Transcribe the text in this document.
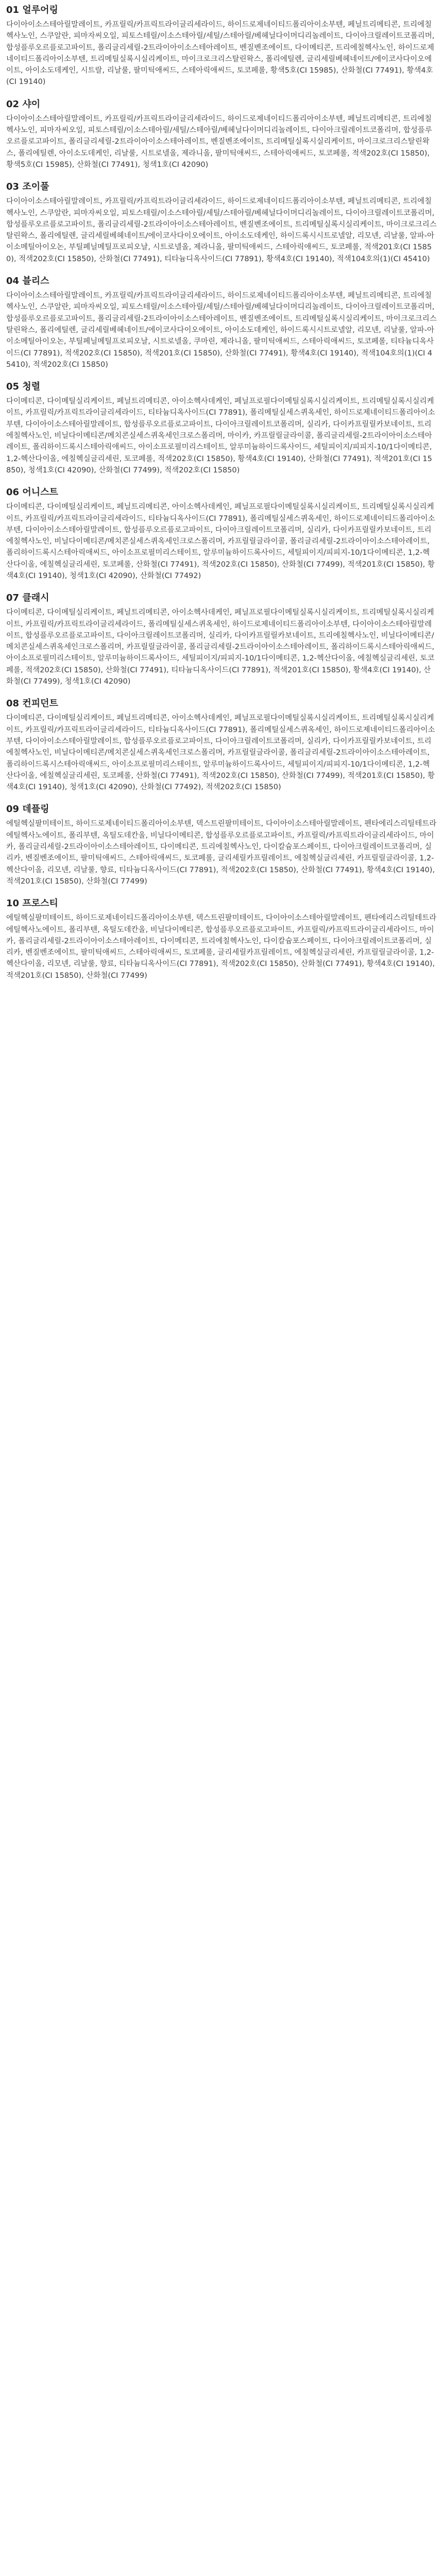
01 얼루어링

다이아이소스테아릴말레이트, 카프릴릭/카프릭트라이글리세라이드, 하이드로제네이티드폴리아이소부텐, 페닐트리메티콘, 트리에칠헥사노인, 스쿠알란, 피마자씨오일, 피토스테릴/이소스테아릴/세틸/스테아릴/베헤닐다이머디리놀레이트, 다이아크릴레이트코폴리머, 합성플루오르플로고파이트, 폴리글리세릴-2트라이아이소스테아레이트, 벤질벤조에이트, 다이메티콘, 트리에칠헥사노인, 하이드로제네이티드폴리아이소부텐, 트리메틸실록시실리케이트, 마이크로크리스탈린왁스, 폴리에틸렌, 글리세릴베헤네이트/에이코사다이오에이트, 아이소도데케인, 시트랄, 리날룰, 팔미틱애씨드, 스테아릭애씨드, 토코페롤, 황색5호(CI 15985), 산화철(CI 77491), 황색4호(CI 19140)

02 샤이

다이아이소스테아릴말레이트, 카프릴릭/카프릭트라이글리세라이드, 하이드로제네이티드폴리아이소부텐, 페닐트리메티콘, 트리에칠헥사노인, 피마자씨오일, 피토스테릴/이소스테아릴/세틸/스테아릴/베헤닐다이머디리놀레이트, 다이아크릴레이트코폴리머, 합성플루오르플로고파이트, 폴리글리세릴-2트라이아이소스테아레이트, 벤질벤조에이트, 트리메틸실록시실리케이트, 마이크로크리스탈린왁스, 폴리에틸렌, 아이소도데케인, 리날룰, 시트로넬올, 제라니올, 팔미틱애씨드, 스테아릭애씨드, 토코페롤, 적색202호(CI 15850), 황색5호(CI 15985), 산화철(CI 77491), 청색1호(CI 42090)

03 조이풀

다이아이소스테아릴말레이트, 카프릴릭/카프릭트라이글리세라이드, 하이드로제네이티드폴리아이소부텐, 페닐트리메티콘, 트리에칠헥사노인, 스쿠알란, 피마자씨오일, 피토스테릴/이소스테아릴/세틸/스테아릴/베헤닐다이머디리놀레이트, 다이아크릴레이트코폴리머, 합성플루오르플로고파이트, 폴리글리세릴-2트라이아이소스테아레이트, 벤질벤조에이트, 트리메틸실록시실리케이트, 마이크로크리스탈린왁스, 폴리에틸렌, 글리세릴베헤네이트/에이코사다이오에이트, 아이소도데케인, 하이드록시시트로넬알, 리모넨, 리날룰, 알파-아이소메틸아이오논, 부틸페닐메틸프로피오날, 시트로넬올, 제라니올, 팔미틱애씨드, 스테아릭애씨드, 토코페롤, 적색201호(CI 15850), 적색202호(CI 15850), 산화철(CI 77491), 티타늄디옥사이드(CI 77891), 황색4호(CI 19140), 적색104호의(1)(CI 45410)

04 블리스

다이아이소스테아릴말레이트, 카프릴릭/카프릭트라이글리세라이드, 하이드로제네이티드폴리아이소부텐, 페닐트리메티콘, 트리에칠헥사노인, 스쿠알란, 피마자씨오일, 피토스테릴/이소스테아릴/세틸/스테아릴/베헤닐다이머디리놀레이트, 다이아크릴레이트코폴리머, 합성플루오르플로고파이트, 폴리글리세릴-2트라이아이소스테아레이트, 벤질벤조에이트, 트리메틸실록시실리케이트, 마이크로크리스탈린왁스, 폴리에틸렌, 글리세릴베헤네이트/에이코사다이오에이트, 아이소도데케인, 하이드록시시트로넬알, 리모넨, 리날룰, 알파-아이소메틸아이오논, 부틸페닐메틸프로피오날, 시트로넬올, 쿠마린, 제라니올, 팔미틱애씨드, 스테아릭애씨드, 토코페롤, 티타늄디옥사이드(CI 77891), 적색202호(CI 15850), 적색201호(CI 15850), 산화철(CI 77491), 황색4호(CI 19140), 적색104호의(1)(CI 45410), 적색202호(CI 15850)

05 청렬

다이메티콘, 다이메틸실리케이트, 페닐트리메티콘, 아이소헥사데케인, 페닐프로필다이메틸실록시실리케이트, 트리메틸실록시실리케이트, 카프릴릭/카프릭트라이글리세라이드, 티타늄디옥사이드(CI 77891), 폴리메틸실세스퀴옥세인, 하이드로제네이티드폴리아이소부텐, 다이아이소스테아릴말레이트, 합성플루오르플로고파이트, 다이아크릴레이트코폴리머, 실리카, 다이카프릴릴카보네이트, 트리에칠헥사노인, 비닐다이메티콘/메치콘실세스퀴옥세인크로스폴리머, 마이카, 카프릴릴글라이콜, 폴리글리세릴-2트라이아이소스테아레이트, 폴리하이드록시스테아릭애씨드, 아이소프로필미리스테이트, 알루미늄하이드록사이드, 세틸피이지/피피지-10/1다이메티콘, 1,2-헥산다이올, 에칠헥실글리세린, 토코페롤, 적색202호(CI 15850), 황색4호(CI 19140), 산화철(CI 77491), 적색201호(CI 15850), 청색1호(CI 42090), 산화철(CI 77499), 적색202호(CI 15850)

06 어니스트

다이메티콘, 다이메틸실리케이트, 페닐트리메티콘, 아이소헥사데케인, 페닐프로필다이메틸실록시실리케이트, 트리메틸실록시실리케이트, 카프릴릭/카프릭트라이글리세라이드, 티타늄디옥사이드(CI 77891), 폴리메틸실세스퀴옥세인, 하이드로제네이티드폴리아이소부텐, 다이아이소스테아릴말레이트, 합성플루오르플로고파이트, 다이아크릴레이트코폴리머, 실리카, 다이카프릴릴카보네이트, 트리에칠헥사노인, 비닐다이메티콘/메치콘실세스퀴옥세인크로스폴리머, 카프릴릴글라이콜, 폴리글리세릴-2트라이아이소스테아레이트, 폴리하이드록시스테아릭애씨드, 아이소프로필미리스테이트, 알루미늄하이드록사이드, 세틸피이지/피피지-10/1다이메티콘, 1,2-헥산다이올, 에칠헥실글리세린, 토코페롤, 산화철(CI 77491), 적색202호(CI 15850), 산화철(CI 77499), 적색201호(CI 15850), 황색4호(CI 19140), 청색1호(CI 42090), 산화철(CI 77492)

07 클래시

다이메티콘, 다이메틸실리케이트, 페닐트리메티콘, 아이소헥사데케인, 페닐프로필다이메틸실록시실리케이트, 트리메틸실록시실리케이트, 카프릴릭/카프릭트라이글리세라이드, 폴리메틸실세스퀴옥세인, 하이드로제네이티드폴리아이소부텐, 다이아이소스테아릴말레이트, 합성플루오르플로고파이트, 다이아크릴레이트코폴리머, 실리카, 다이카프릴릴카보네이트, 트리에칠헥사노인, 비닐다이메티콘/메치콘실세스퀴옥세인크로스폴리머, 카프릴릴글라이콜, 폴리글리세릴-2트라이아이소스테아레이트, 폴리하이드록시스테아릭애씨드, 아이소프로필미리스테이트, 알루미늄하이드록사이드, 세틸피이지/피피지-10/1다이메티콘, 1,2-헥산다이올, 에칠헥실글리세린, 토코페롤, 적색202호(CI 15850), 산화철(CI 77491), 티타늄디옥사이드(CI 77891), 적색201호(CI 15850), 황색4호(CI 19140), 산화철(CI 77499), 청색1호(CI 42090)

08 컨피던트

다이메티콘, 다이메틸실리케이트, 페닐트리메티콘, 아이소헥사데케인, 페닐프로필다이메틸실록시실리케이트, 트리메틸실록시실리케이트, 카프릴릭/카프릭트라이글리세라이드, 티타늄디옥사이드(CI 77891), 폴리메틸실세스퀴옥세인, 하이드로제네이티드폴리아이소부텐, 다이아이소스테아릴말레이트, 합성플루오르플로고파이트, 다이아크릴레이트코폴리머, 실리카, 다이카프릴릴카보네이트, 트리에칠헥사노인, 비닐다이메티콘/메치콘실세스퀴옥세인크로스폴리머, 카프릴릴글라이콜, 폴리글리세릴-2트라이아이소스테아레이트, 폴리하이드록시스테아릭애씨드, 아이소프로필미리스테이트, 알루미늄하이드록사이드, 세틸피이지/피피지-10/1다이메티콘, 1,2-헥산다이올, 에칠헥실글리세린, 토코페롤, 산화철(CI 77491), 적색202호(CI 15850), 산화철(CI 77499), 적색201호(CI 15850), 황색4호(CI 19140), 청색1호(CI 42090), 산화철(CI 77492), 적색202호(CI 15850)

09 데플링

에틸헥실팔미테이트, 하이드로제네이티드폴리아이소부텐, 덱스트린팔미테이트, 다이아이소스테아릴말레이트, 펜타에리스리틸테트라에틸헥사노에이트, 폴리부텐, 옥틸도데칸올, 비닐다이메티콘, 합성플루오르플로고파이트, 카프릴릭/카프릭트라이글리세라이드, 마이카, 폴리글리세릴-2트라이아이소스테아레이트, 다이메티콘, 트리에칠헥사노인, 다이칼슘포스페이트, 다이아크릴레이트코폴리머, 실리카, 벤질벤조에이트, 팔미틱애씨드, 스테아릭애씨드, 토코페롤, 글리세릴카프릴레이트, 에칠헥실글리세린, 카프릴릴글라이콜, 1,2-헥산다이올, 리모넨, 리날룰, 향료, 티타늄디옥사이드(CI 77891), 적색202호(CI 15850), 산화철(CI 77491), 황색4호(CI 19140), 적색201호(CI 15850), 산화철(CI 77499)

10 프로스티

에틸헥실팔미테이트, 하이드로제네이티드폴리아이소부텐, 덱스트린팔미테이트, 다이아이소스테아릴말레이트, 펜타에리스리틸테트라에틸헥사노에이트, 폴리부텐, 옥틸도데칸올, 비닐다이메티콘, 합성플루오르플로고파이트, 카프릴릭/카프릭트라이글리세라이드, 마이카, 폴리글리세릴-2트라이아이소스테아레이트, 다이메티콘, 트리에칠헥사노인, 다이칼슘포스페이트, 다이아크릴레이트코폴리머, 실리카, 벤질벤조에이트, 팔미틱애씨드, 스테아릭애씨드, 토코페롤, 글리세릴카프릴레이트, 에칠헥실글리세린, 카프릴릴글라이콜, 1,2-헥산다이올, 리모넨, 리날룰, 향료, 티타늄디옥사이드(CI 77891), 적색202호(CI 15850), 산화철(CI 77491), 황색4호(CI 19140), 적색201호(CI 15850), 산화철(CI 77499)
